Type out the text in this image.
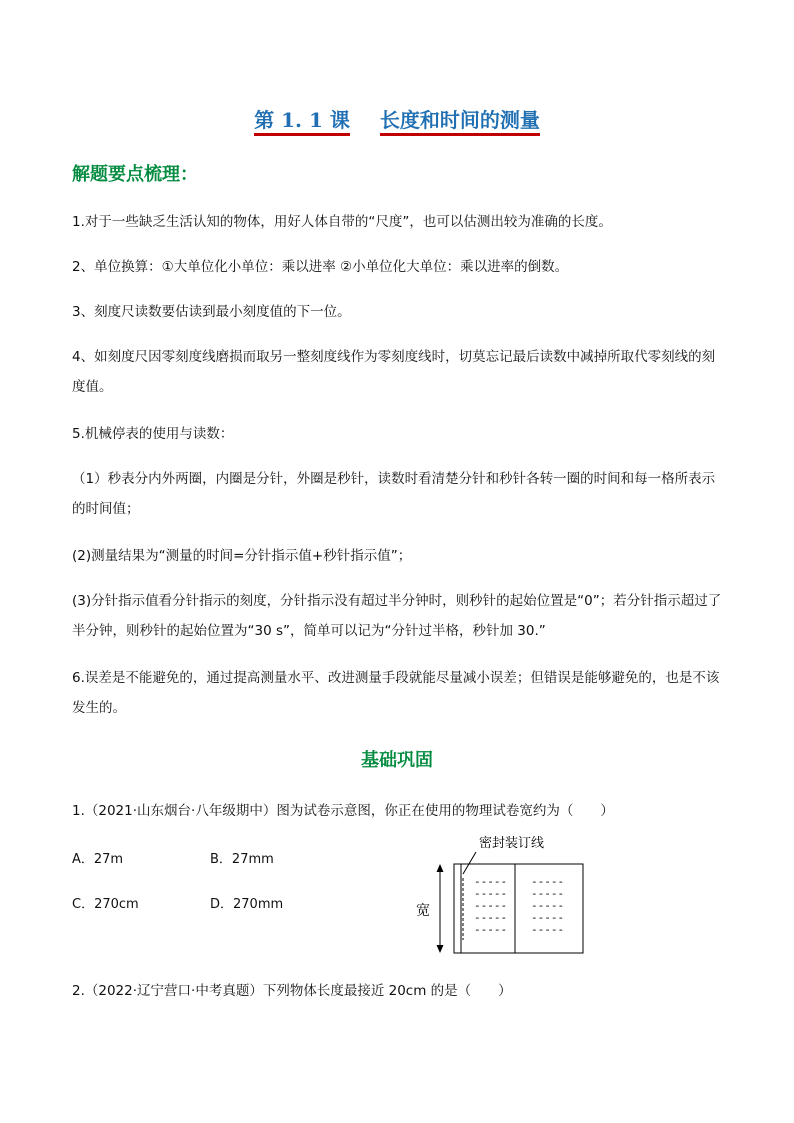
第 1. 1 课 长度和时间的测量
解题要点梳理：
1.对于一些缺乏生活认知的物体，用好人体自带的“尺度”，也可以估测出较为准确的长度。
2、单位换算：①大单位化小单位：乘以进率 ②小单位化大单位：乘以进率的倒数。
3、刻度尺读数要估读到最小刻度值的下一位。
4、如刻度尺因零刻度线磨损而取另一整刻度线作为零刻度线时，切莫忘记最后读数中减掉所取代零刻线的刻度值。
5.机械停表的使用与读数：
（1）秒表分内外两圈，内圈是分针，外圈是秒针，读数时看清楚分针和秒针各转一圈的时间和每一格所表示的时间值；
(2)测量结果为“测量的时间=分针指示值+秒针指示值”；
(3)分针指示值看分针指示的刻度，分针指示没有超过半分钟时，则秒针的起始位置是“0”；若分针指示超过了半分钟，则秒针的起始位置为“30 s”，简单可以记为“分针过半格，秒针加 30.”
6.误差是不能避免的，通过提高测量水平、改进测量手段就能尽量减小误差；但错误是能够避免的，也是不该发生的。
基础巩固
1.（2021·山东烟台·八年级期中）图为试卷示意图，你正在使用的物理试卷宽约为（　　）
A．27m	B．27mm
C．270cm	D．270mm
密封装订线
-----
-----
-----
-----
-----
-----
-----
-----
-----
-----
宽
2.（2022·辽宁营口·中考真题）下列物体长度最接近 20cm 的是（　　）
